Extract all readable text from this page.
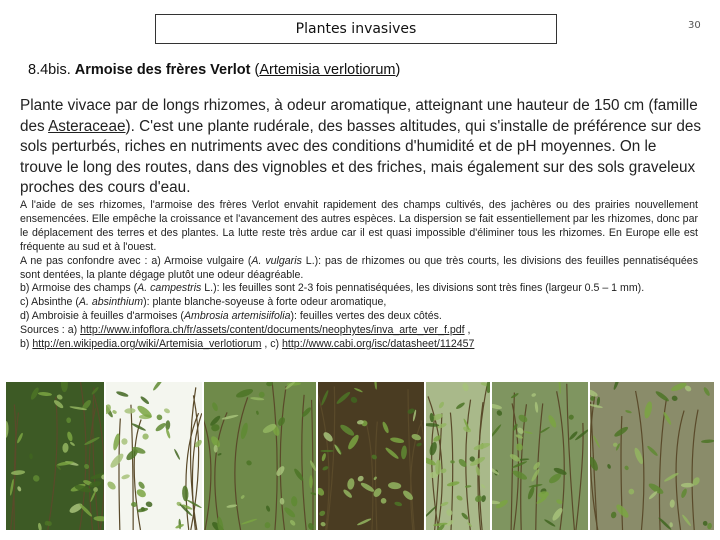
Plantes invasives	30
8.4bis. Armoise des frères Verlot (Artemisia verlotiorum)
Plante vivace par de longs rhizomes, à odeur aromatique, atteignant une hauteur de 150 cm (famille des Asteraceae). C'est une plante rudérale, des basses altitudes, qui s'installe de préférence sur des sols perturbés, riches en nutriments avec des conditions d'humidité et de pH moyennes. On le trouve le long des routes, dans des vignobles et des friches, mais également sur des sols graveleux proches des cours d'eau.

A l'aide de ses rhizomes, l'armoise des frères Verlot envahit rapidement des champs cultivés, des jachères ou des prairies nouvellement ensemencées. Elle empêche la croissance et l'avancement des autres espèces. La dispersion se fait essentiellement par les rhizomes, donc par le déplacement des terres et des plantes. La lutte reste très ardue car il est quasi impossible d'éliminer tous les rhizomes. En Europe elle est fréquente au sud et à l'ouest.

A ne pas confondre avec : a) Armoise vulgaire (A. vulgaris L.): pas de rhizomes ou que très courts, les divisions des feuilles pennatiséquées sont dentées, la plante dégage plutôt une odeur déagréable.

b) Armoise des champs (A. campestris L.): les feuilles sont 2-3 fois pennatiséquées, les divisions sont très fines (largeur 0.5 – 1 mm).

c) Absinthe (A. absinthium): plante blanche-soyeuse à forte odeur aromatique,

d) Ambroisie à feuilles d'armoises (Ambrosia artemisiifolia): feuilles vertes des deux côtés.

Sources : a) http://www.infoflora.ch/fr/assets/content/documents/neophytes/inva_arte_ver_f.pdf ,

b) http://en.wikipedia.org/wiki/Artemisia_verlotiorum , c) http://www.cabi.org/isc/datasheet/112457
